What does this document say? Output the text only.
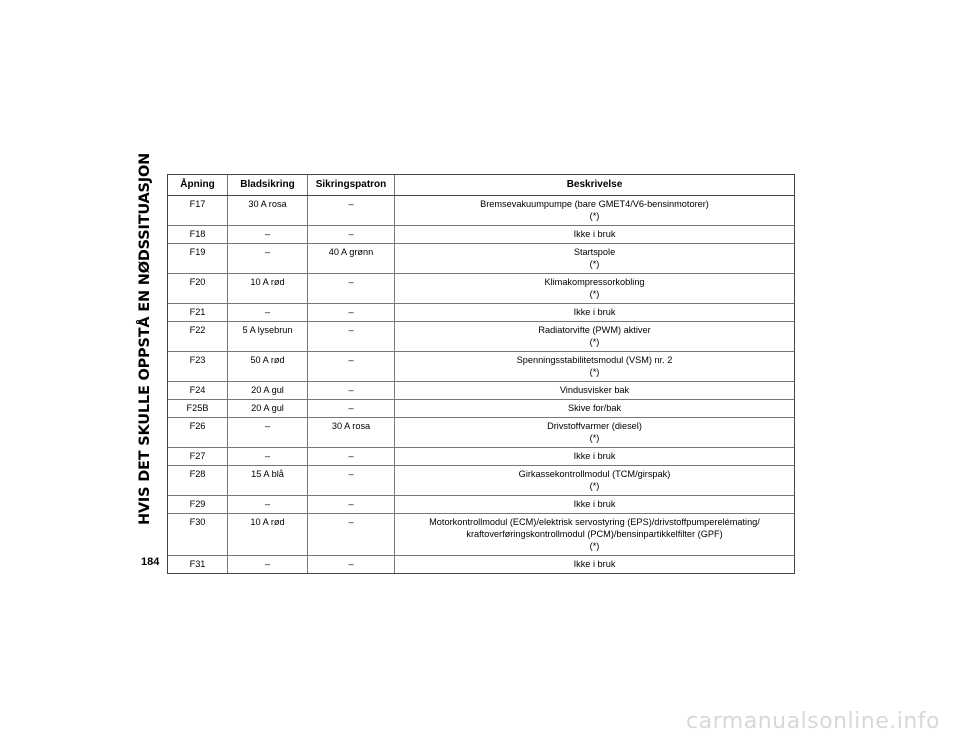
HVIS DET SKULLE OPPSTÅ EN NØDSSITUASJON	Åpning	Bladsikring	Sikringspatron	Beskrivelse
F17	30 A rosa	–	Bremsevakuumpumpe (bare GMET4/V6-bensinmotorer)
(*)

F18	–	–	Ikke i bruk

F19	–	40 A grønn	Startspole
(*)

F20	10 A rød	–	Klimakompressorkobling
(*)

F21	–	–	Ikke i bruk

F22	5 A lysebrun	–	Radiatorvifte (PWM) aktiver
(*)

F23	50 A rød	–	Spenningsstabilitetsmodul (VSM) nr. 2
(*)

F24	20 A gul	–	Vindusvisker bak

F25B	20 A gul	–	Skive for/bak

F26	–	30 A rosa	Drivstoffvarmer (diesel)
(*)

F27	–	–	Ikke i bruk

F28	15 A blå	–	Girkassekontrollmodul (TCM/girspak)
(*)

F29	–	–	Ikke i bruk

F30	10 A rød	–	Motorkontrollmodul (ECM)/elektrisk servostyring (EPS)/drivstoffpumperelémating/
kraftoverføringskontrollmodul (PCM)/bensinpartikkelfilter (GPF)
(*)

F31	–	–	Ikke i bruk
184
carmanualsonline.info
